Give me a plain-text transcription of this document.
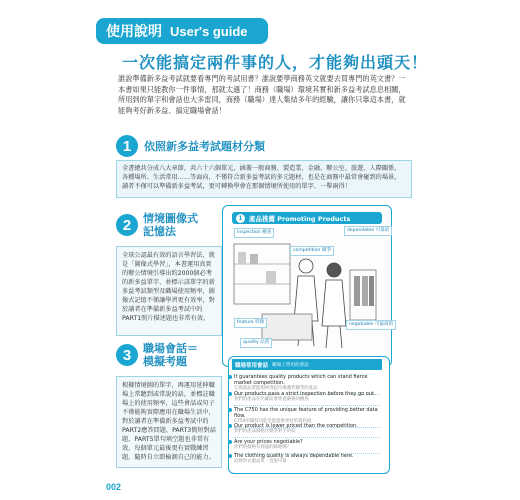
使用說明 User's guide
一次能搞定兩件事的人，才能夠出頭天！
誰說準備新多益考試就要看專門的考試用書？誰說要學商務英文就要去買專門的英文書？一本書如果只能教你一件事情，那就太遜了！商務（職場）環境其實和新多益考試息息相關，所用到的單字和會話也大多雷同，商務（職場）達人集結多年的經驗，讓你只靠這本書，就能夠考好新多益、搞定職場會話！
1	依照新多益考試題材分類
全書總共分成八大章節，共六十六個單元，涵蓋一般商務、製造業、金融、辦公室、旅遊、人際關係、各種場所、生活常用……等面向，不僅符合新多益考試的多元題材，也是在商務中最常會碰到的場景，讀者不僅可以準備新多益考試，更可轉換學會在那個情境所使用的單字、一舉兩得！
2	情境圖像式
記憶法
全球公認最有效的語言學習法，就是「圖像式學習」，本書運用真實的辦公情境引導出約2000個必考的新多益單字，並標示該單字的新多益考試類型及職場使用頻率，圖像式記憶不僅讓學習更有效率，對於讀者在準備新多益考試中的PART1照片描述題也非常有效。
3	職場會話＝
模擬考題
根據情境圖的單字，再運用延伸職場上常聽到或常說的話，並標註職場上的使用頻率，這些會話或句子不僅能夠實際應用在職場生活中，對於讀者在準備新多益考試中的PART2應答問題、PART3簡短對話題、PART5單句填空題也非常有效，每個單元最後更有實戰練習題，隨時自立即檢測自己的能力。
1 產品推薦 Promoting Products
inspection 檢查
competition 競爭
dependable 可靠的
negotiable 可協商的
feature 特徵
quality 品質
職場常用會話 職場上常用的會話
It guarantees quality products which can stand fierce market competition.
它保證品質能夠經得起市場激烈競爭的產品
Our products pass a strict inspection before they go out.
我們的產品在出廠前會經過嚴格的檢查
The C750 has the unique feature of providing better data flow.
C750的獨特功能是能提供更好的資料流
Our product is lower priced than the competition.
我們的產品價格比競爭對手的低
Are your prices negotiable?
你們的價格有商量的餘地嗎？
The clothing quality is always dependable here.
這裡的衣服品質一直很可靠
002
